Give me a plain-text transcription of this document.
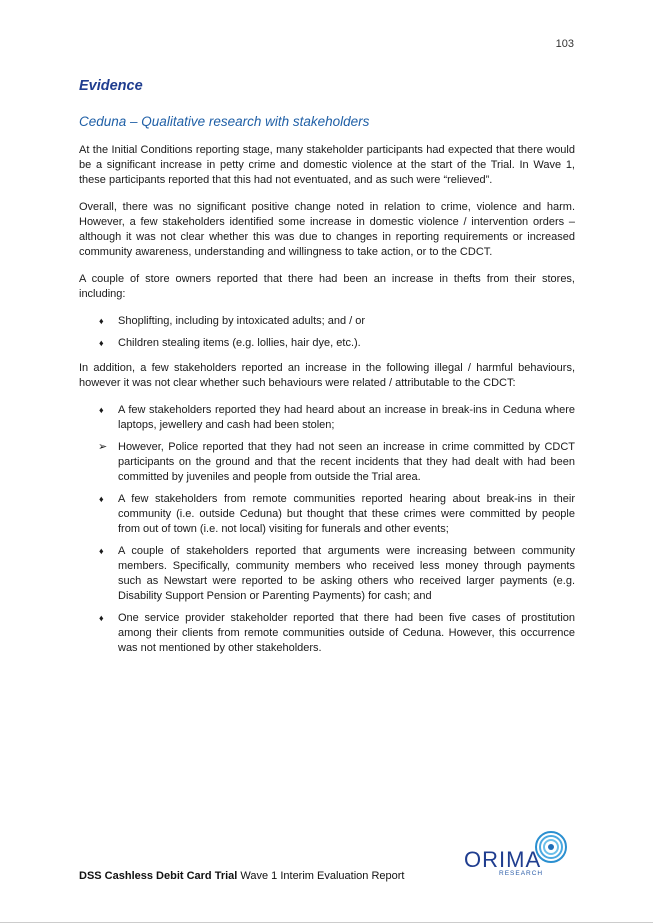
103
Evidence
Ceduna – Qualitative research with stakeholders

At the Initial Conditions reporting stage, many stakeholder participants had expected that there would be a significant increase in petty crime and domestic violence at the start of the Trial. In Wave 1, these participants reported that this had not eventuated, and as such were “relieved”.

Overall, there was no significant positive change noted in relation to crime, violence and harm. However, a few stakeholders identified some increase in domestic violence / intervention orders – although it was not clear whether this was due to changes in reporting requirements or increased community awareness, understanding and willingness to take action, or to the CDCT.

A couple of store owners reported that there had been an increase in thefts from their stores, including:

♦ Shoplifting, including by intoxicated adults; and / or
♦ Children stealing items (e.g. lollies, hair dye, etc.).

In addition, a few stakeholders reported an increase in the following illegal / harmful behaviours, however it was not clear whether such behaviours were related / attributable to the CDCT:

♦ A few stakeholders reported they had heard about an increase in break-ins in Ceduna where laptops, jewellery and cash had been stolen;
➢ However, Police reported that they had not seen an increase in crime committed by CDCT participants on the ground and that the recent incidents that they had dealt with had been committed by juveniles and people from outside the Trial area.
♦ A few stakeholders from remote communities reported hearing about break-ins in their community (i.e. outside Ceduna) but thought that these crimes were committed by people from out of town (i.e. not local) visiting for funerals and other events;
♦ A couple of stakeholders reported that arguments were increasing between community members. Specifically, community members who received less money through payments such as Newstart were reported to be asking others who received larger payments (e.g. Disability Support Pension or Parenting Payments) for cash; and
♦ One service provider stakeholder reported that there had been five cases of prostitution among their clients from remote communities outside of Ceduna. However, this occurrence was not mentioned by other stakeholders.
ORIMA
RESEARCH
DSS Cashless Debit Card Trial Wave 1 Interim Evaluation Report
